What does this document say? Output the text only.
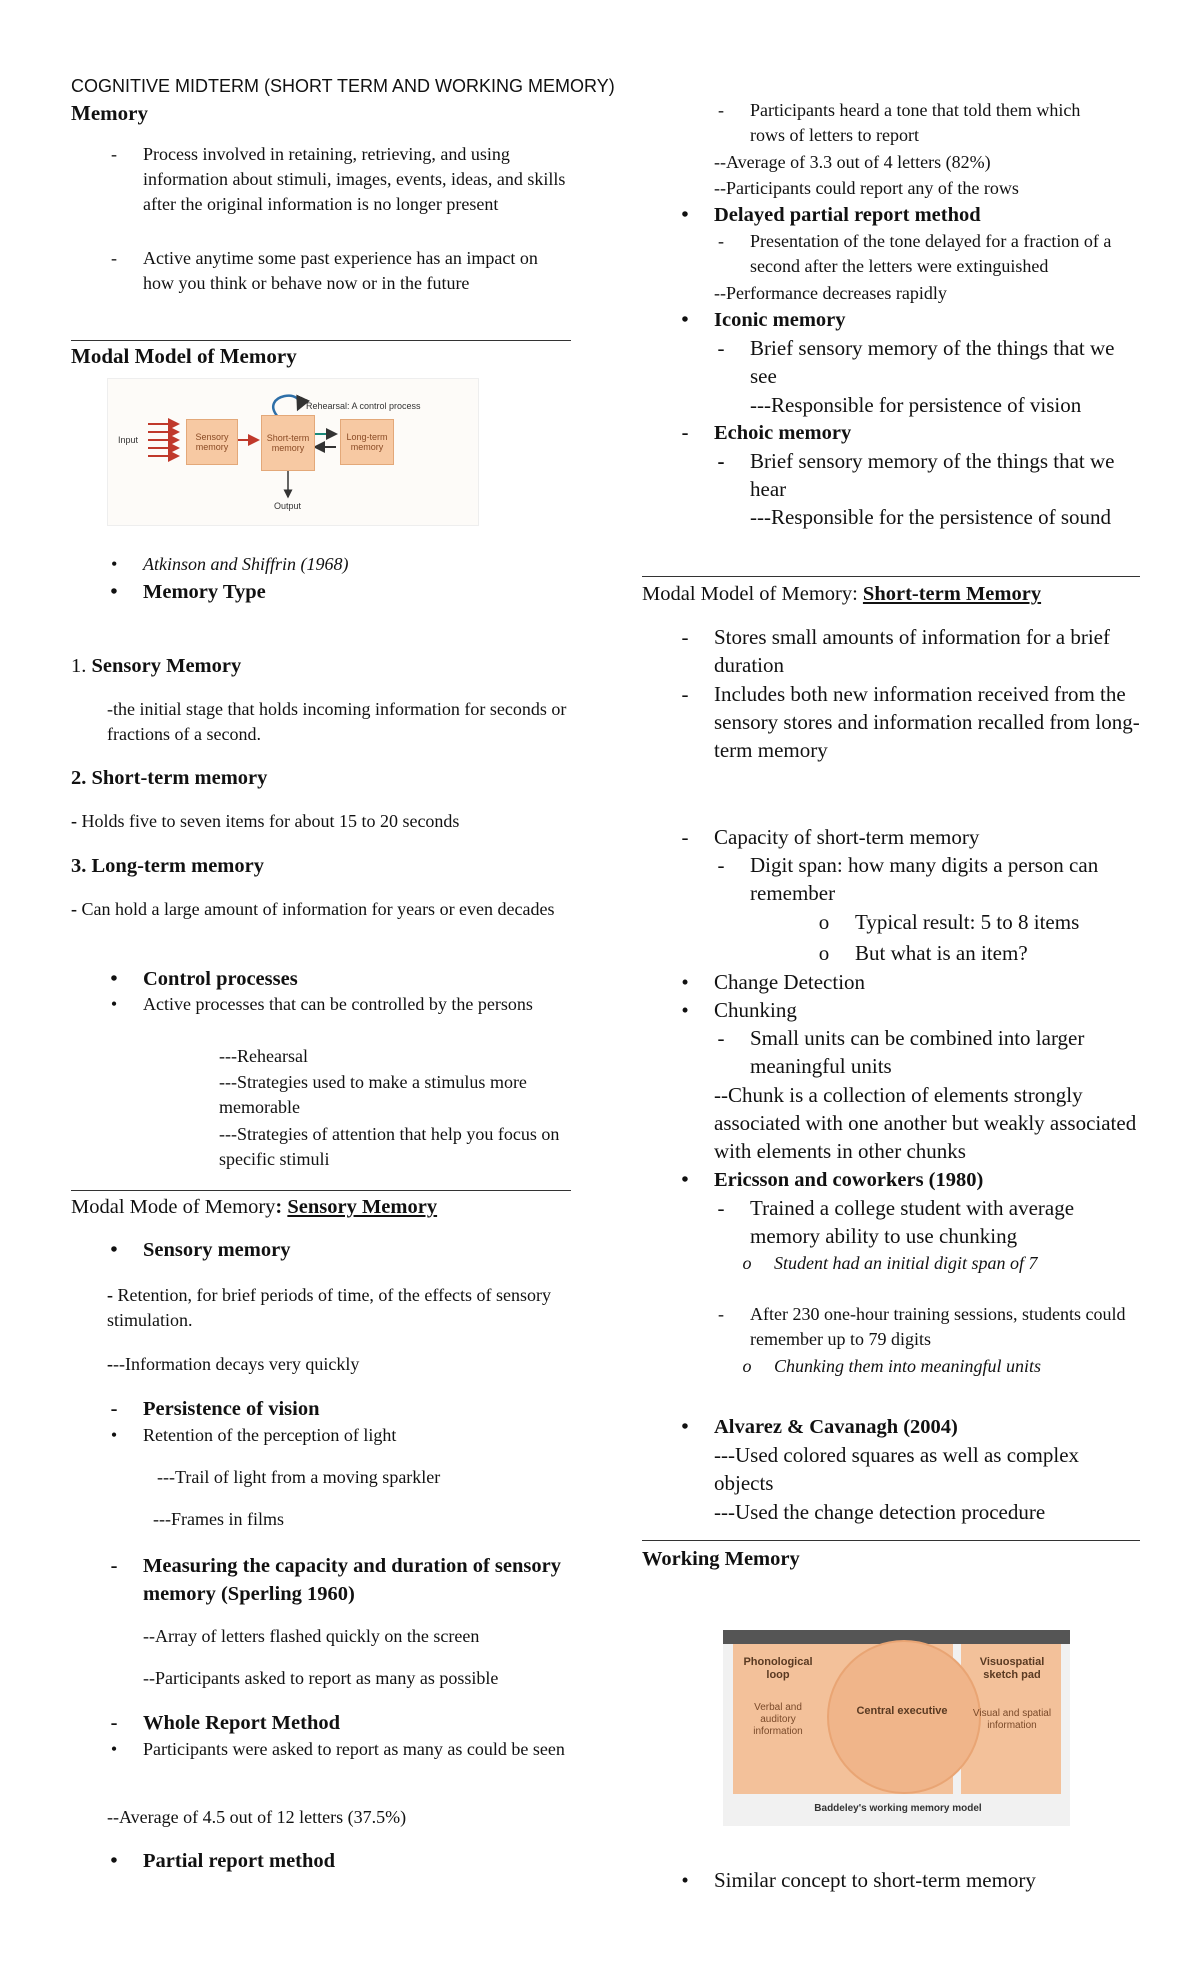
COGNITIVE MIDTERM (SHORT TERM AND WORKING MEMORY)
Memory
- Process involved in retaining, retrieving, and using information about stimuli, images, events, ideas, and skills after the original information is no longer present
- Active anytime some past experience has an impact on how you think or behave now or in the future
Modal Model of Memory
Input	Sensory memory
Short-term memory
Long-term memory
Rehearsal: A control process
Output
• Atkinson and Shiffrin (1968)
• Memory Type
1. Sensory Memory
-the initial stage that holds incoming information for seconds or fractions of a second.
2. Short-term memory
- Holds five to seven items for about 15 to 20 seconds
3. Long-term memory
- Can hold a large amount of information for years or even decades
• Control processes
• Active processes that can be controlled by the persons
---Rehearsal
---Strategies used to make a stimulus more memorable
---Strategies of attention that help you focus on specific stimuli
Modal Mode of Memory: Sensory Memory
• Sensory memory
- Retention, for brief periods of time, of the effects of sensory stimulation.
---Information decays very quickly
- Persistence of vision
• Retention of the perception of light
---Trail of light from a moving sparkler
---Frames in films
- Measuring the capacity and duration of sensory memory (Sperling 1960)
--Array of letters flashed quickly on the screen
--Participants asked to report as many as possible
- Whole Report Method
• Participants were asked to report as many as could be seen
--Average of 4.5 out of 12 letters (37.5%)
• Partial report method
- Participants heard a tone that told them which rows of letters to report
--Average of 3.3 out of 4 letters (82%)
--Participants could report any of the rows
• Delayed partial report method
- Presentation of the tone delayed for a fraction of a second after the letters were extinguished
--Performance decreases rapidly
• Iconic memory
- Brief sensory memory of the things that we see
---Responsible for persistence of vision
- Echoic memory
- Brief sensory memory of the things that we hear
---Responsible for the persistence of sound
Modal Model of Memory: Short-term Memory
- Stores small amounts of information for a brief duration
- Includes both new information received from the sensory stores and information recalled from long-term memory
- Capacity of short-term memory
- Digit span: how many digits a person can remember
o Typical result: 5 to 8 items
o But what is an item?
• Change Detection
• Chunking
- Small units can be combined into larger meaningful units
--Chunk is a collection of elements strongly associated with one another but weakly associated with elements in other chunks
• Ericsson and coworkers (1980)
- Trained a college student with average memory ability to use chunking
o Student had an initial digit span of 7
- After 230 one-hour training sessions, students could remember up to 79 digits
o Chunking them into meaningful units
• Alvarez & Cavanagh (2004)
---Used colored squares as well as complex objects
---Used the change detection procedure
Working Memory
Phonological loop
Verbal and auditory information
Central executive
Visuospatial sketch pad
Visual and spatial information
Baddeley's working memory model
• Similar concept to short-term memory
